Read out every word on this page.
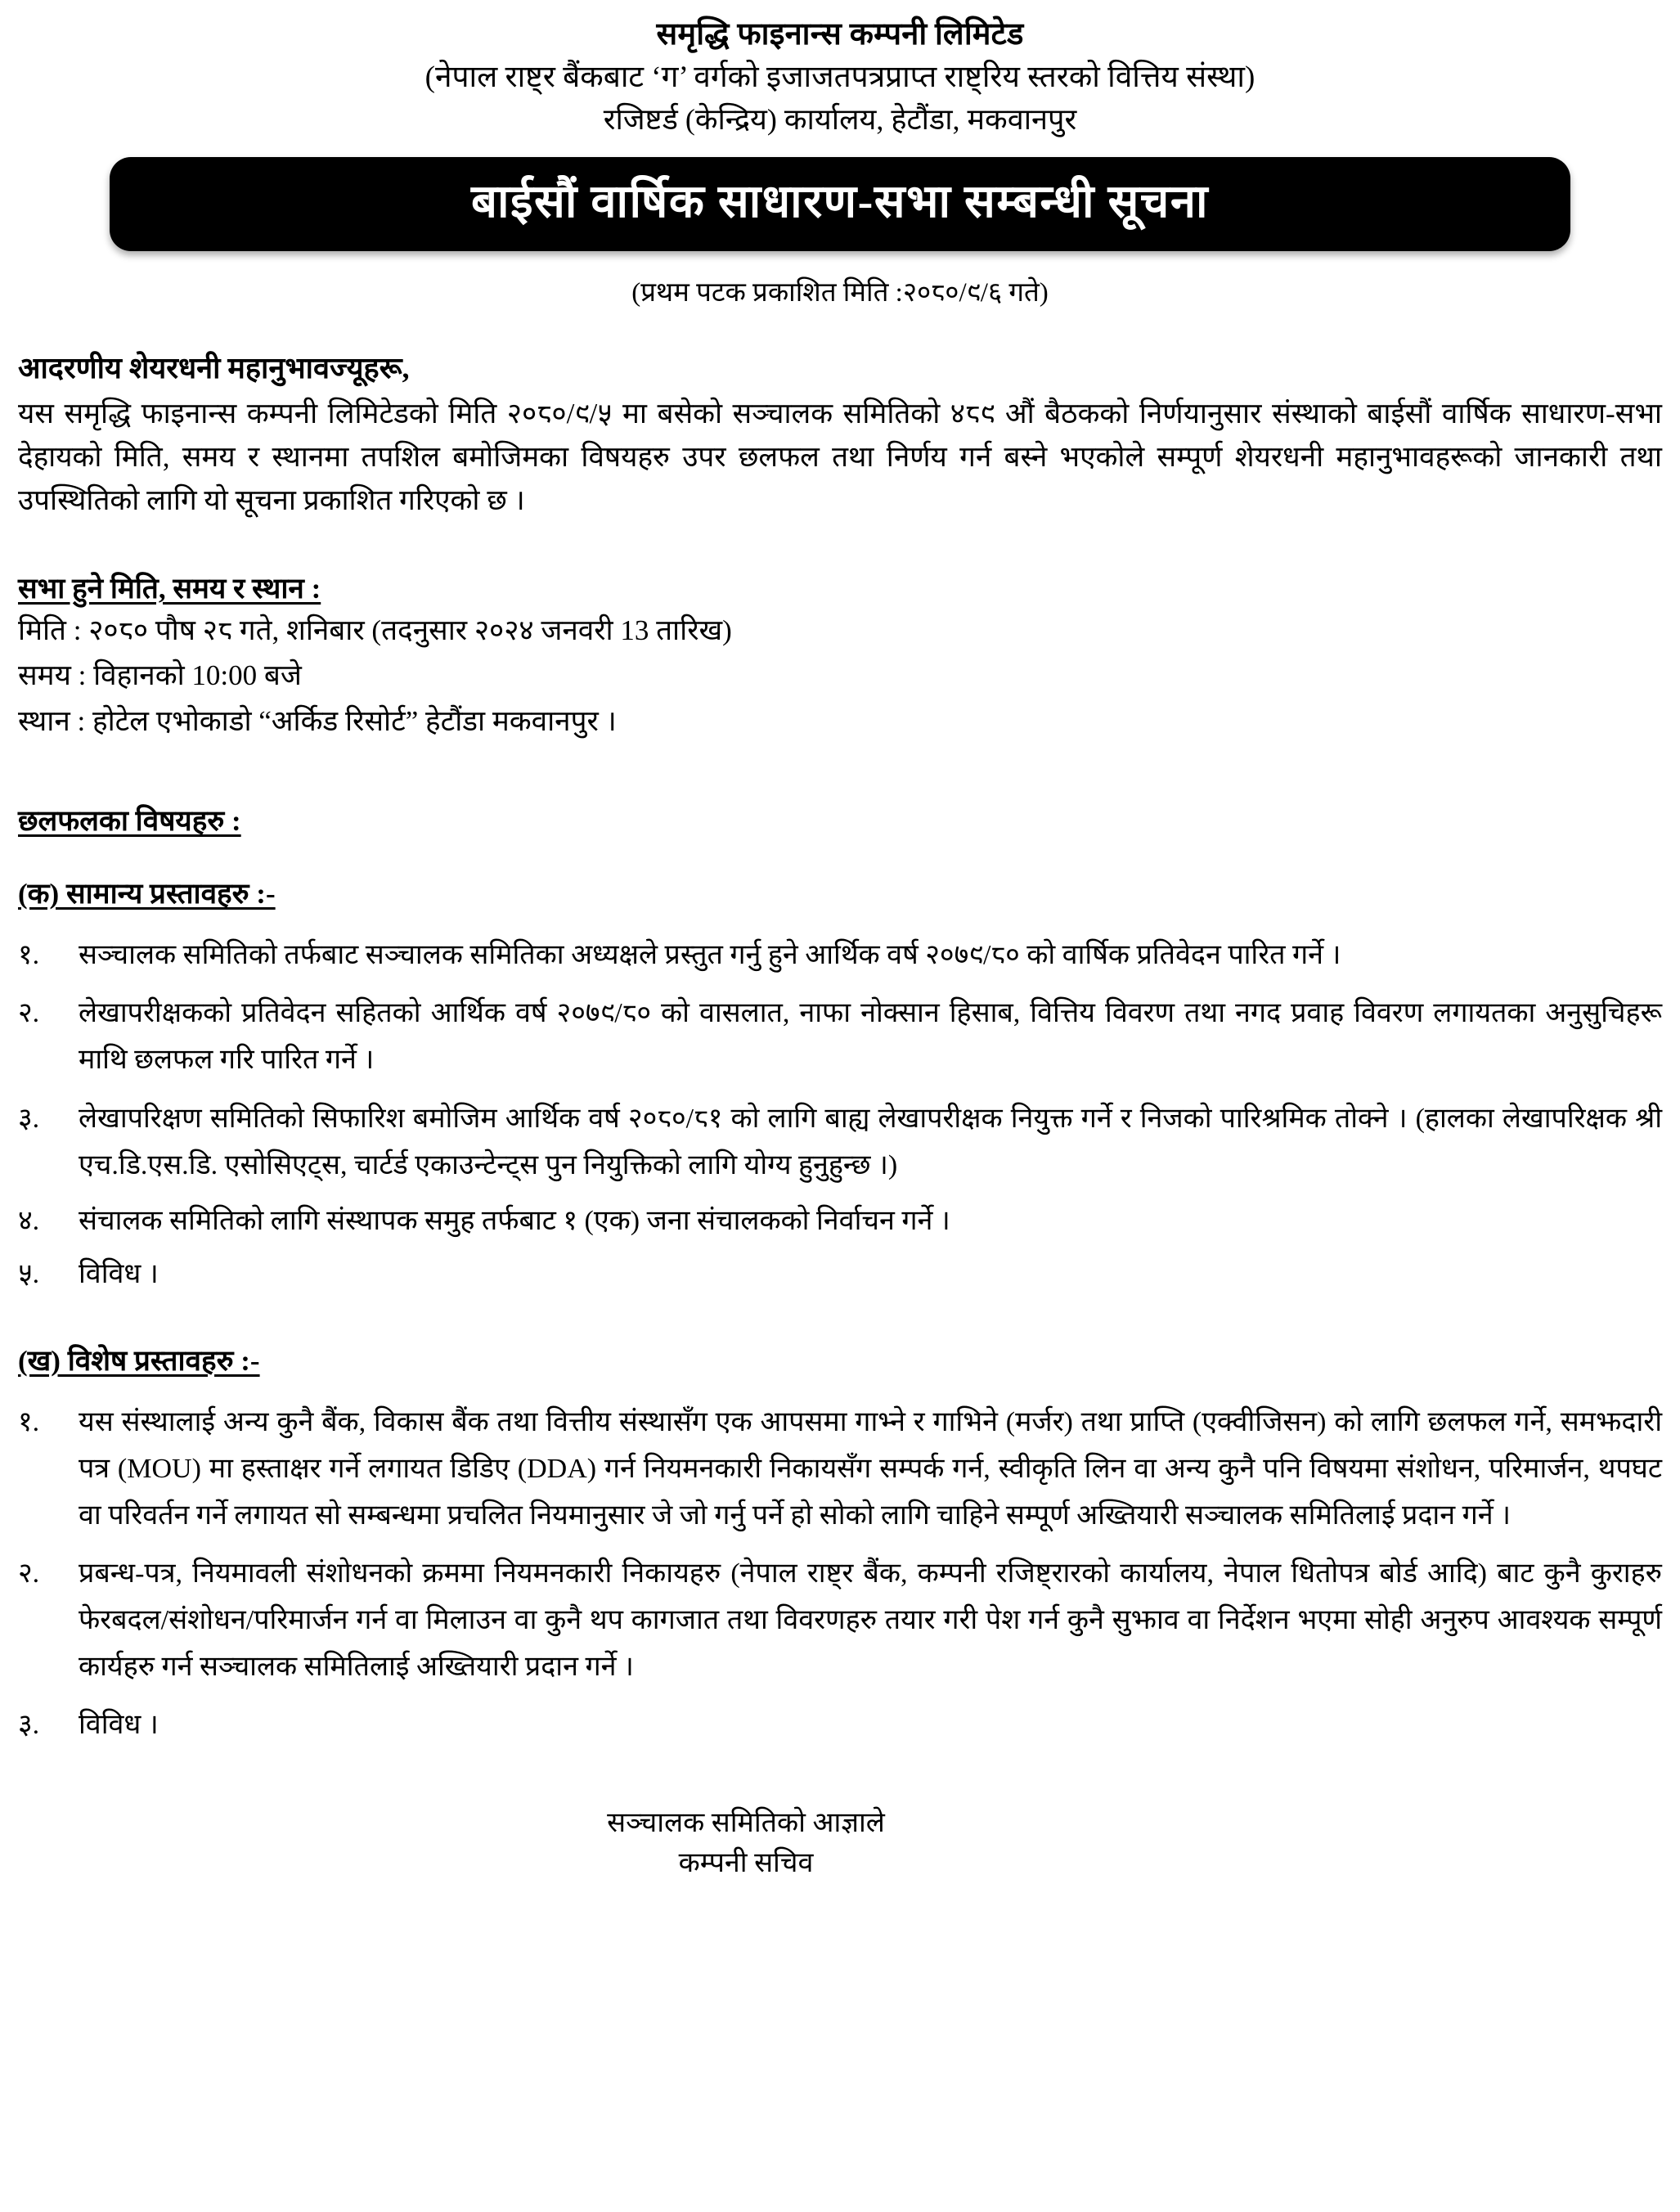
समृद्धि फाइनान्स कम्पनी लिमिटेड
(नेपाल राष्ट्र बैंकबाट ‘ग’ वर्गको इजाजतपत्रप्राप्त राष्ट्रिय स्तरको वित्तिय संस्था)
रजिष्टर्ड (केन्द्रिय) कार्यालय, हेटौंडा, मकवानपुर
बाईसौं वार्षिक साधारण-सभा सम्बन्धी सूचना
(प्रथम पटक प्रकाशित मिति :२०८०/९/६ गते)
आदरणीय शेयरधनी महानुभावज्यूहरू,
यस समृद्धि फाइनान्स कम्पनी लिमिटेडको मिति २०८०/९/५ मा बसेको सञ्चालक समितिको ४८९ औं बैठकको निर्णयानुसार संस्थाको बाईसौं वार्षिक साधारण-सभा देहायको मिति, समय र स्थानमा तपशिल बमोजिमका विषयहरु उपर छलफल तथा निर्णय गर्न बस्ने भएकोले सम्पूर्ण शेयरधनी महानुभावहरूको जानकारी तथा उपस्थितिको लागि यो सूचना प्रकाशित गरिएको छ ।
सभा हुने मिति, समय र स्थान :
मिति : २०८० पौष २८ गते, शनिबार (तदनुसार २०२४ जनवरी 13 तारिख)
समय : विहानको 10:00 बजे
स्थान : होटेल एभोकाडो “अर्किड रिसोर्ट” हेटौंडा मकवानपुर ।
छलफलका विषयहरु :
(क) सामान्य प्रस्तावहरु :-
१.	सञ्चालक समितिको तर्फबाट सञ्चालक समितिका अध्यक्षले प्रस्तुत गर्नु हुने आर्थिक वर्ष २०७९/८० को वार्षिक प्रतिवेदन पारित गर्ने ।
२.	लेखापरीक्षकको प्रतिवेदन सहितको आर्थिक वर्ष २०७९/८० को वासलात, नाफा नोक्सान हिसाब, वित्तिय विवरण तथा नगद प्रवाह विवरण लगायतका अनुसुचिहरू माथि छलफल गरि पारित गर्ने ।
३.	लेखापरिक्षण समितिको सिफारिश बमोजिम आर्थिक वर्ष २०८०/८१ को लागि बाह्य लेखापरीक्षक नियुक्त गर्ने र निजको पारिश्रमिक तोक्ने । (हालका लेखापरिक्षक श्री एच.डि.एस.डि. एसोसिएट्स, चार्टर्ड एकाउन्टेन्ट्स पुन नियुक्तिको लागि योग्य हुनुहुन्छ ।)
४.	संचालक समितिको लागि संस्थापक समुह तर्फबाट १ (एक) जना संचालकको निर्वाचन गर्ने ।
५.	विविध ।
(ख) विशेष प्रस्तावहरु :-
१.	यस संस्थालाई अन्य कुनै बैंक, विकास बैंक तथा वित्तीय संस्थासँग एक आपसमा गाभ्ने र गाभिने (मर्जर) तथा प्राप्ति (एक्वीजिसन) को लागि छलफल गर्ने, समझदारी पत्र (MOU) मा हस्ताक्षर गर्ने लगायत डिडिए (DDA) गर्न नियमनकारी निकायसँग सम्पर्क गर्न, स्वीकृति लिन वा अन्य कुनै पनि विषयमा संशोधन, परिमार्जन, थपघट वा परिवर्तन गर्ने लगायत सो सम्बन्धमा प्रचलित नियमानुसार जे जो गर्नु पर्ने हो सोको लागि चाहिने सम्पूर्ण अख्तियारी सञ्चालक समितिलाई प्रदान गर्ने ।
२.	प्रबन्ध-पत्र, नियमावली संशोधनको क्रममा नियमनकारी निकायहरु (नेपाल राष्ट्र बैंक, कम्पनी रजिष्ट्रारको कार्यालय, नेपाल धितोपत्र बोर्ड आदि) बाट कुनै कुराहरु फेरबदल/संशोधन/परिमार्जन गर्न वा मिलाउन वा कुनै थप कागजात तथा विवरणहरु तयार गरी पेश गर्न कुनै सुझाव वा निर्देशन भएमा सोही अनुरुप आवश्यक सम्पूर्ण कार्यहरु गर्न सञ्चालक समितिलाई अख्तियारी प्रदान गर्ने ।
३.	विविध ।
सञ्चालक समितिको आज्ञाले
कम्पनी सचिव
